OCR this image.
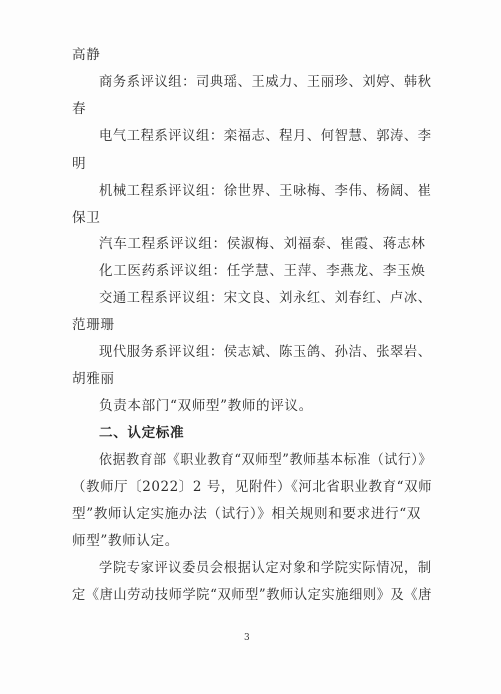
高静
商务系评议组：司典瑶、王威力、王丽珍、刘婷、韩秋
春
电气工程系评议组：栾福志、程月、何智慧、郭涛、李
明
机械工程系评议组：徐世界、王咏梅、李伟、杨阔、崔
保卫
汽车工程系评议组：侯淑梅、刘福泰、崔霞、蒋志林
化工医药系评议组：任学慧、王萍、李燕龙、李玉焕
交通工程系评议组：宋文良、刘永红、刘春红、卢冰、
范珊珊
现代服务系评议组：侯志斌、陈玉鸽、孙洁、张翠岩、
胡雅丽
负责本部门“双师型”教师的评议。
二、认定标准
依据教育部《职业教育“双师型”教师基本标准（试行）》
（教师厅〔2022〕2 号，见附件）《河北省职业教育“双师
型”教师认定实施办法（试行）》相关规则和要求进行“双
师型”教师认定。
学院专家评议委员会根据认定对象和学院实际情况，制
定《唐山劳动技师学院“双师型”教师认定实施细则》及《唐
3
